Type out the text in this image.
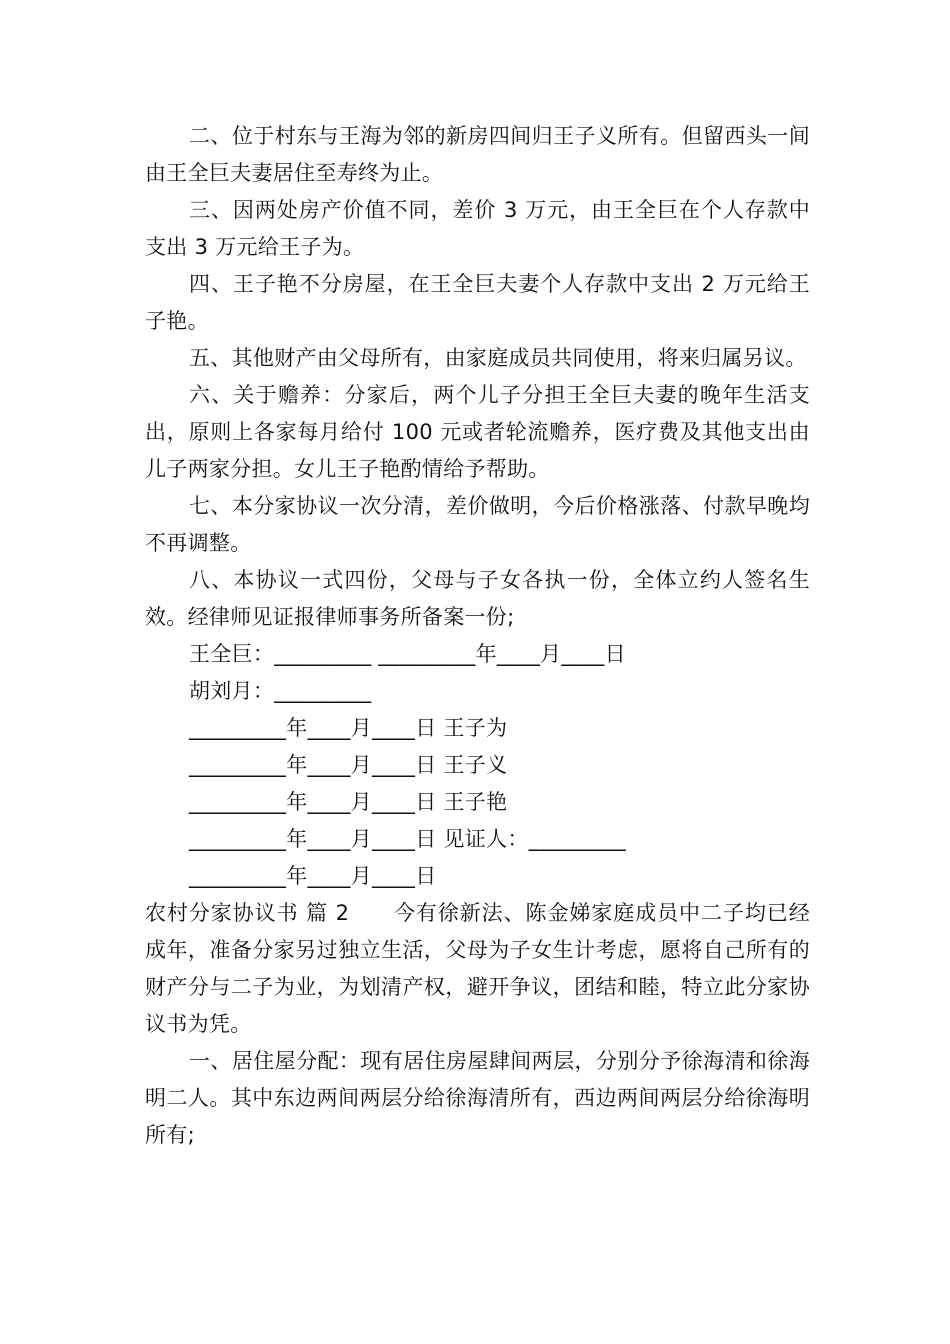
二、位于村东与王海为邻的新房四间归王子义所有。但留西头一间由王全巨夫妻居住至寿终为止。

三、因两处房产价值不同，差价 3 万元，由王全巨在个人存款中支出 3 万元给王子为。

四、王子艳不分房屋，在王全巨夫妻个人存款中支出 2 万元给王子艳。

五、其他财产由父母所有，由家庭成员共同使用，将来归属另议。

六、关于赡养：分家后，两个儿子分担王全巨夫妻的晚年生活支出，原则上各家每月给付 100 元或者轮流赡养，医疗费及其他支出由儿子两家分担。女儿王子艳酌情给予帮助。

七、本分家协议一次分清，差价做明，今后价格涨落、付款早晚均不再调整。

八、本协议一式四份，父母与子女各执一份，全体立约人签名生效。经律师见证报律师事务所备案一份;

王全巨：_________ _________年____月____日

胡刘月：_________

_________年____月____日 王子为

_________年____月____日 王子义

_________年____月____日 王子艳

_________年____月____日 见证人：_________

_________年____月____日

农村分家协议书 篇 2 今有徐新法、陈金娣家庭成员中二子均已经成年，准备分家另过独立生活，父母为子女生计考虑，愿将自己所有的财产分与二子为业，为划清产权，避开争议，团结和睦，特立此分家协议书为凭。

一、居住屋分配：现有居住房屋肆间两层，分别分予徐海清和徐海明二人。其中东边两间两层分给徐海清所有，西边两间两层分给徐海明所有;
